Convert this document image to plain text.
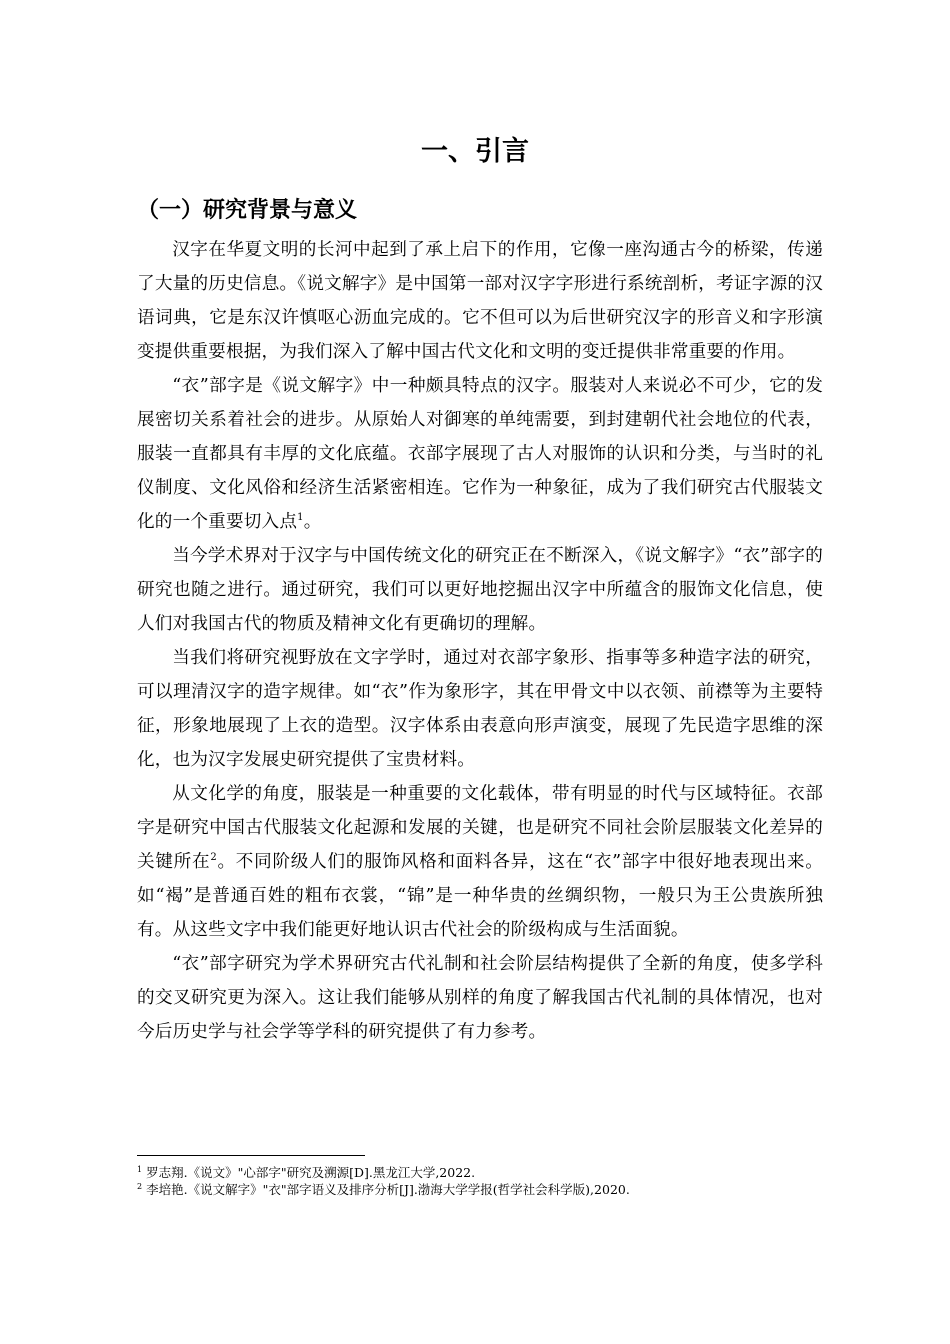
一、引言
（一）研究背景与意义

汉字在华夏文明的长河中起到了承上启下的作用，它像一座沟通古今的桥梁，传递了大量的历史信息。《说文解字》是中国第一部对汉字字形进行系统剖析，考证字源的汉语词典，它是东汉许慎呕心沥血完成的。它不但可以为后世研究汉字的形音义和字形演变提供重要根据，为我们深入了解中国古代文化和文明的变迁提供非常重要的作用。

“衣”部字是《说文解字》中一种颇具特点的汉字。服装对人来说必不可少，它的发展密切关系着社会的进步。从原始人对御寒的单纯需要，到封建朝代社会地位的代表，服装一直都具有丰厚的文化底蕴。衣部字展现了古人对服饰的认识和分类，与当时的礼仪制度、文化风俗和经济生活紧密相连。它作为一种象征，成为了我们研究古代服装文化的一个重要切入点$^1$。

当今学术界对于汉字与中国传统文化的研究正在不断深入，《说文解字》“衣”部字的研究也随之进行。通过研究，我们可以更好地挖掘出汉字中所蕴含的服饰文化信息，使人们对我国古代的物质及精神文化有更确切的理解。

当我们将研究视野放在文字学时，通过对衣部字象形、指事等多种造字法的研究，可以理清汉字的造字规律。如“衣”作为象形字，其在甲骨文中以衣领、前襟等为主要特征，形象地展现了上衣的造型。汉字体系由表意向形声演变，展现了先民造字思维的深化，也为汉字发展史研究提供了宝贵材料。

从文化学的角度，服装是一种重要的文化载体，带有明显的时代与区域特征。衣部字是研究中国古代服装文化起源和发展的关键，也是研究不同社会阶层服装文化差异的关键所在$^2$。不同阶级人们的服饰风格和面料各异，这在“衣”部字中很好地表现出来。如“褐”是普通百姓的粗布衣裳，“锦”是一种华贵的丝绸织物，一般只为王公贵族所独有。从这些文字中我们能更好地认识古代社会的阶级构成与生活面貌。

“衣”部字研究为学术界研究古代礼制和社会阶层结构提供了全新的角度，使多学科的交叉研究更为深入。这让我们能够从别样的角度了解我国古代礼制的具体情况，也对今后历史学与社会学等学科的研究提供了有力参考。

$^1$ 罗志翔.《说文》"心部字"研究及溯源[D].黑龙江大学,2022.

$^2$ 李培艳.《说文解字》"衣"部字语义及排序分析[J].渤海大学学报(哲学社会科学版),2020.
